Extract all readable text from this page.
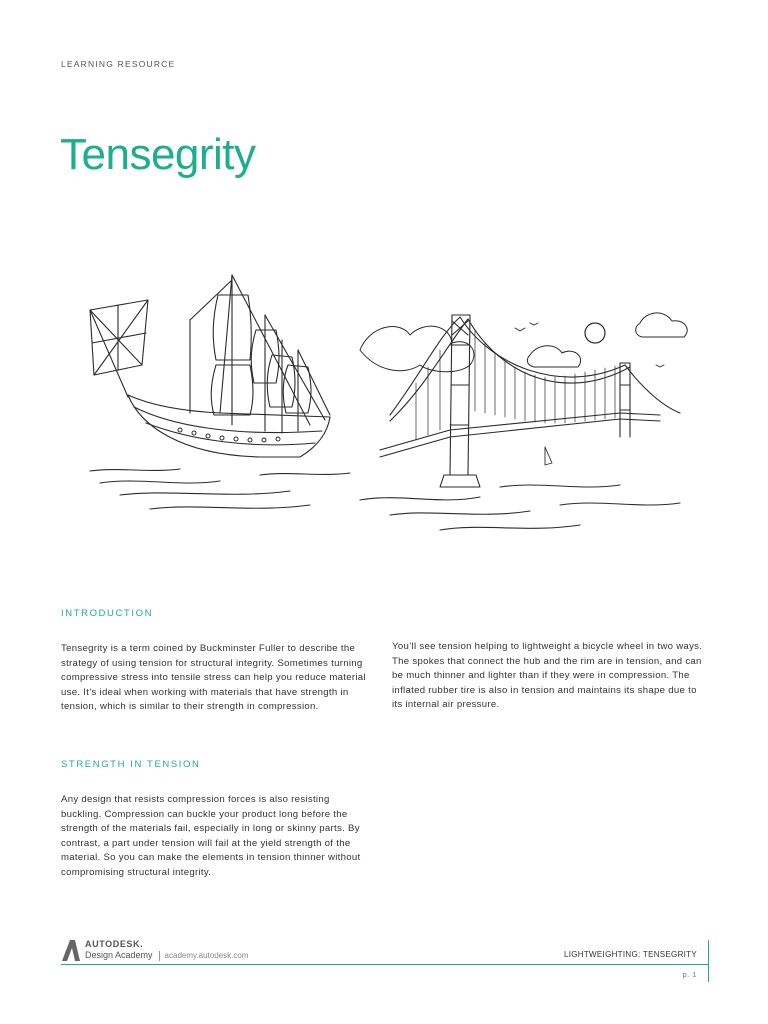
LEARNING RESOURCE
Tensegrity
INTRODUCTION

Tensegrity is a term coined by Buckminster Fuller to describe the strategy of using tension for structural integrity. Sometimes turning compressive stress into tensile stress can help you reduce material use. It’s ideal when working with materials that have strength in tension, which is similar to their strength in compression.

You’ll see tension helping to lightweight a bicycle wheel in two ways. The spokes that connect the hub and the rim are in tension, and can be much thinner and lighter than if they were in compression. The inflated rubber tire is also in tension and maintains its shape due to its internal air pressure.

STRENGTH IN TENSION

Any design that resists compression forces is also resisting buckling. Compression can buckle your product long before the strength of the materials fail, especially in long or skinny parts. By contrast, a part under tension will fail at the yield strength of the material. So you can make the elements in tension thinner without compromising structural integrity.

AUTODESK.
Design Academy	academy.autodesk.com	LIGHTWEIGHTING: TENSEGRITY
p. 1
